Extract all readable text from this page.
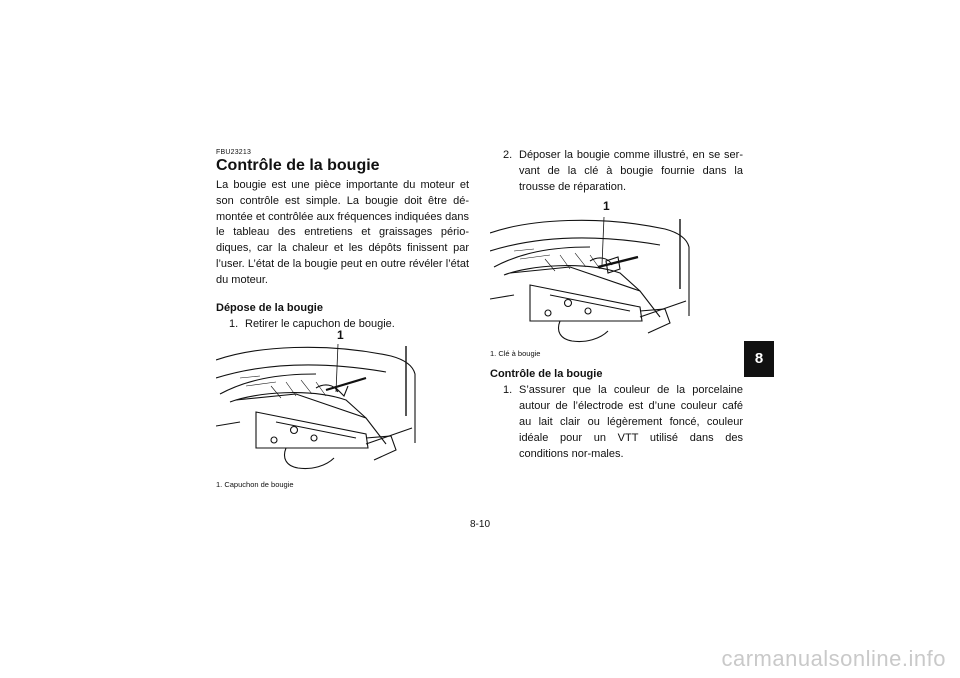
FBU23213

Contrôle de la bougie

La bougie est une pièce importante du moteur et son contrôle est simple. La bougie doit être dé-montée et contrôlée aux fréquences indiquées dans le tableau des entretiens et graissages pério-diques, car la chaleur et les dépôts finissent par l’user. L’état de la bougie peut en outre révéler l’état du moteur.

Dépose de la bougie
1. Retirer le capuchon de bougie.
1
1. Capuchon de bougie
2. Déposer la bougie comme illustré, en se ser-vant de la clé à bougie fournie dans la trousse de réparation.
1
1. Clé à bougie
Contrôle de la bougie
1. S’assurer que la couleur de la porcelaine autour de l’électrode est d’une couleur café au lait clair ou légèrement foncé, couleur idéale pour un VTT utilisé dans des conditions nor-males.
8
8-10
carmanualsonline.info
